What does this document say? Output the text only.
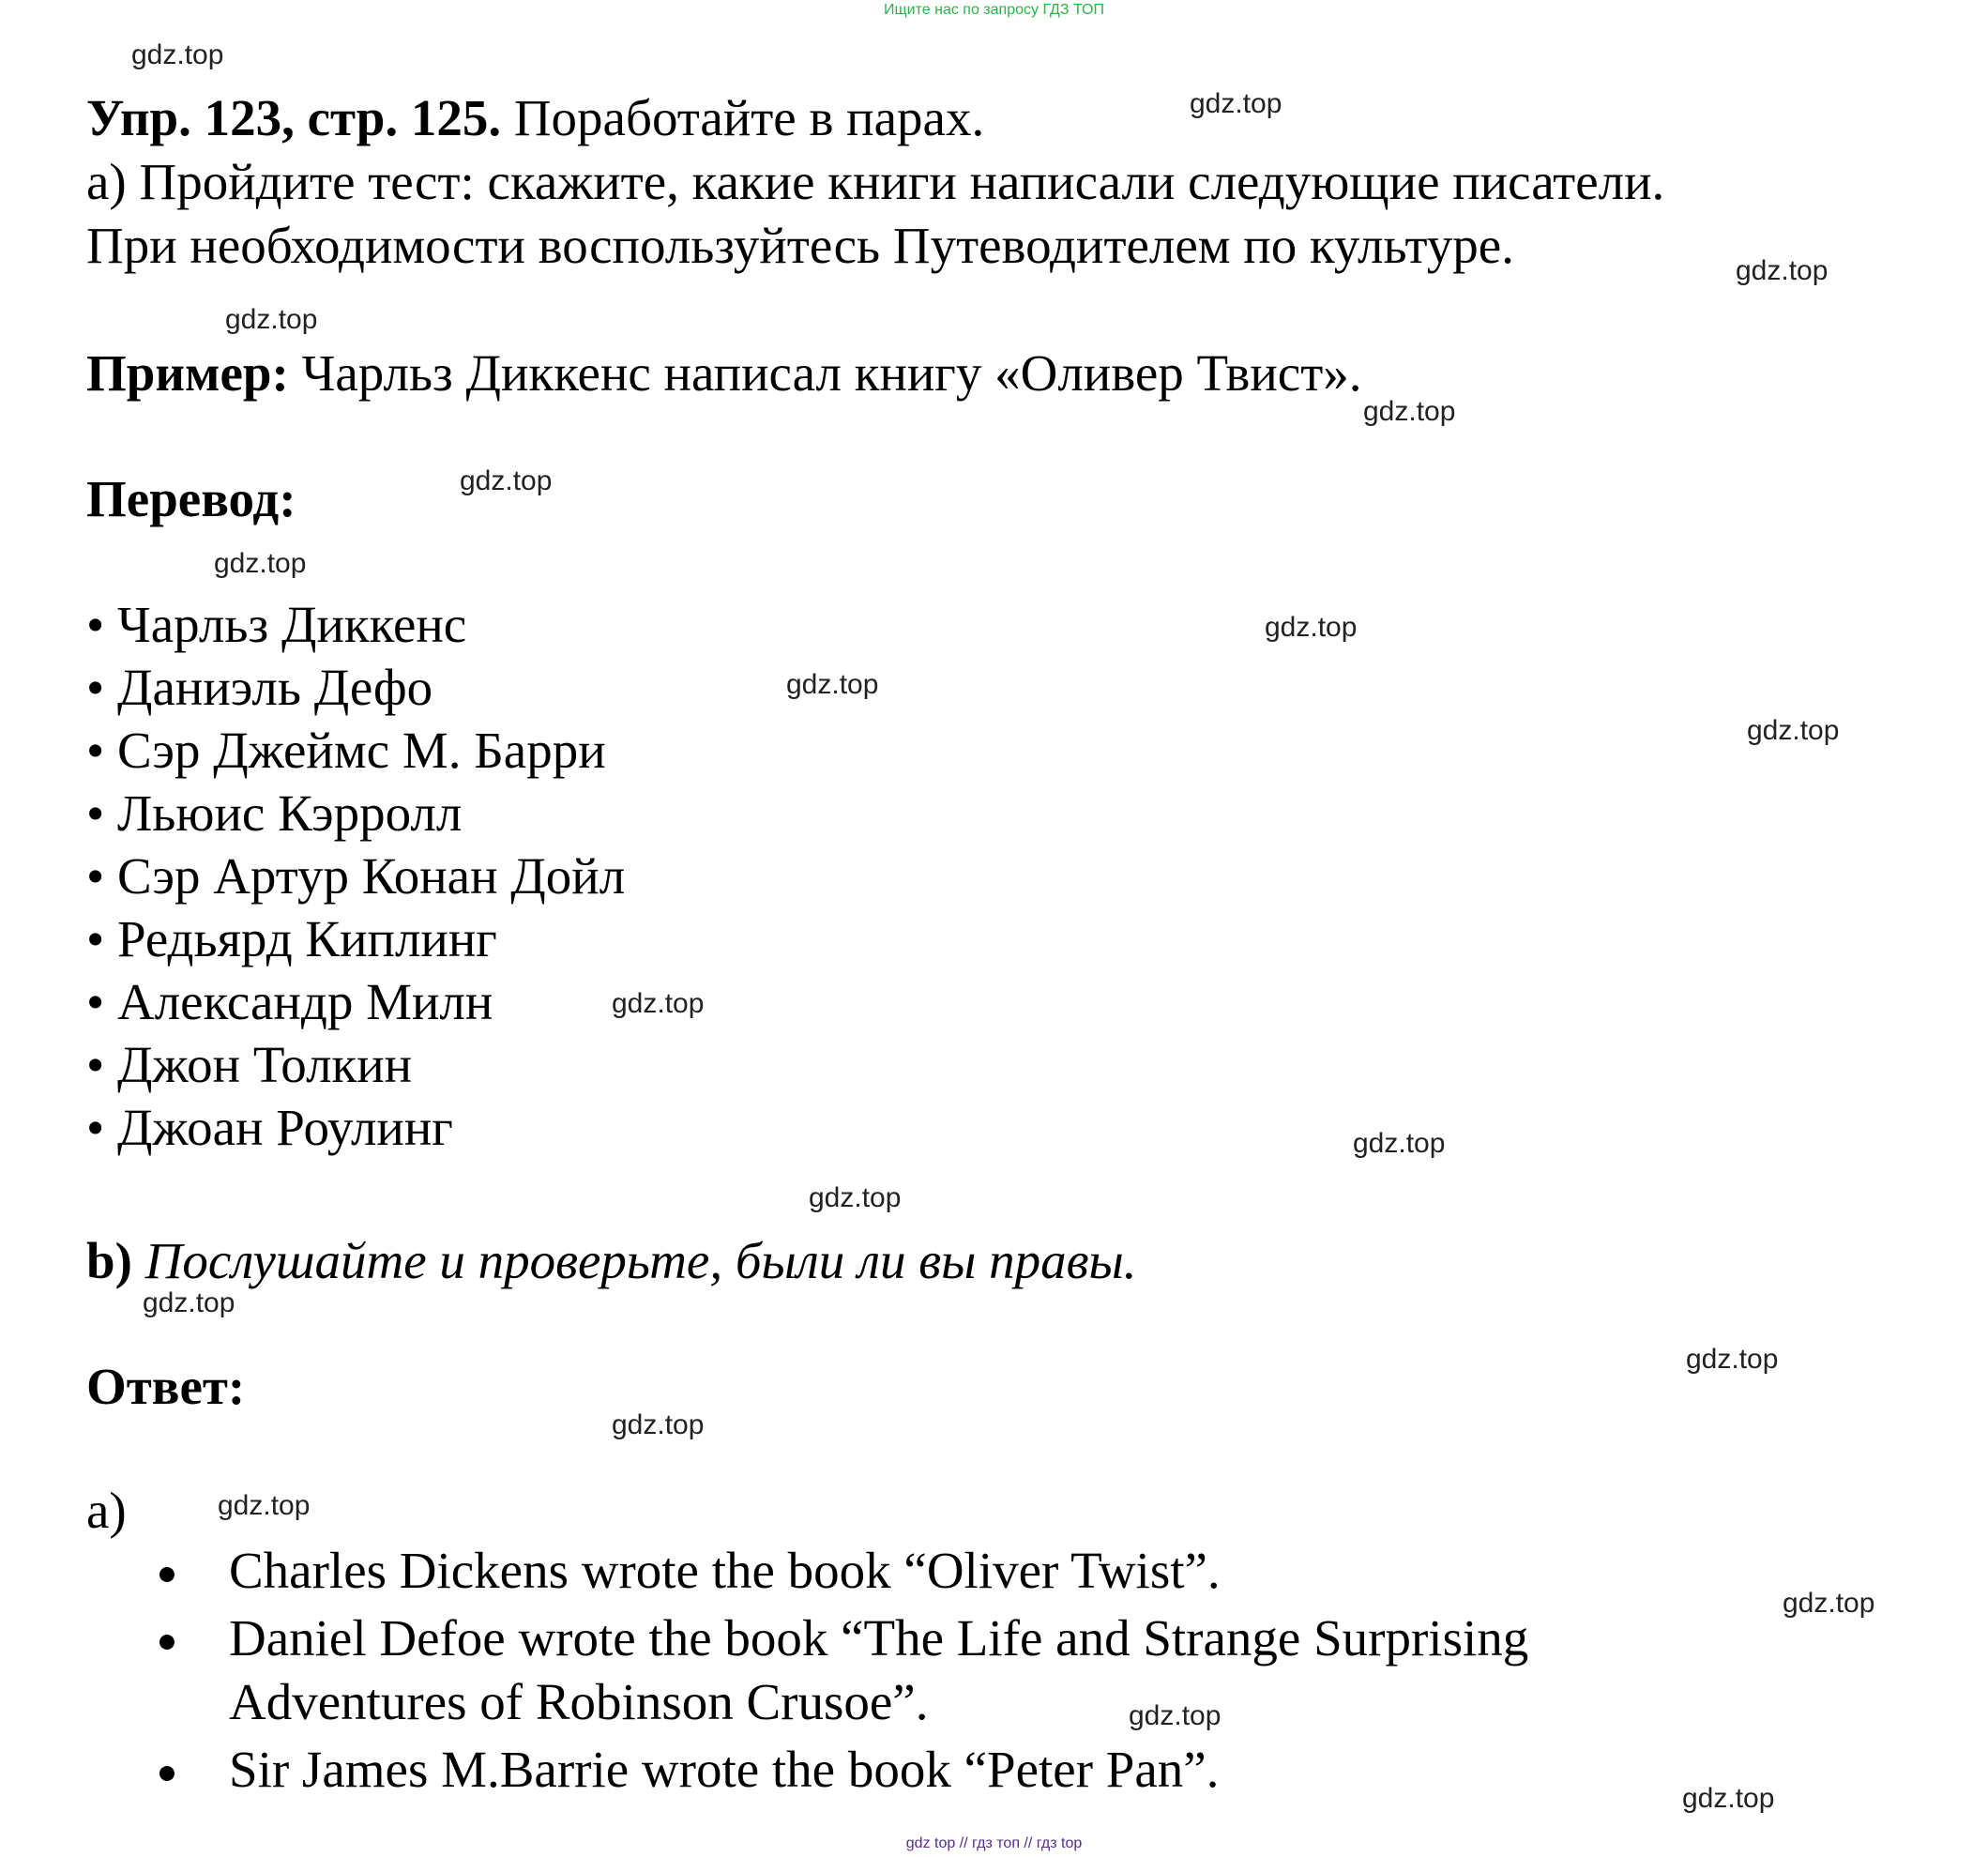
Ищите нас по запросу ГДЗ ТОП
Упр. 123, стр. 125. Поработайте в парах.
a) Пройдите тест: скажите, какие книги написали следующие писатели.
При необходимости воспользуйтесь Путеводителем по культуре.
Пример: Чарльз Диккенс написал книгу «Оливер Твист».
Перевод:
• Чарльз Диккенс
• Даниэль Дефо
• Сэр Джеймс М. Барри
• Льюис Кэрролл
• Сэр Артур Конан Дойл
• Редьярд Киплинг
• Александр Милн
• Джон Толкин
• Джоан Роулинг
b) Послушайте и проверьте, были ли вы правы.
Ответ:
a)
Charles Dickens wrote the book “Oliver Twist”.
Daniel Defoe wrote the book “The Life and Strange Surprising Adventures of Robinson Crusoe”.
Sir James M.Barrie wrote the book “Peter Pan”.
gdz.top
gdz.top
gdz.top
gdz.top
gdz.top
gdz.top
gdz.top
gdz.top
gdz.top
gdz.top
gdz.top
gdz.top
gdz.top
gdz.top
gdz.top
gdz.top
gdz.top
gdz.top
gdz.top
gdz.top
gdz top // гдз топ // гдз top
